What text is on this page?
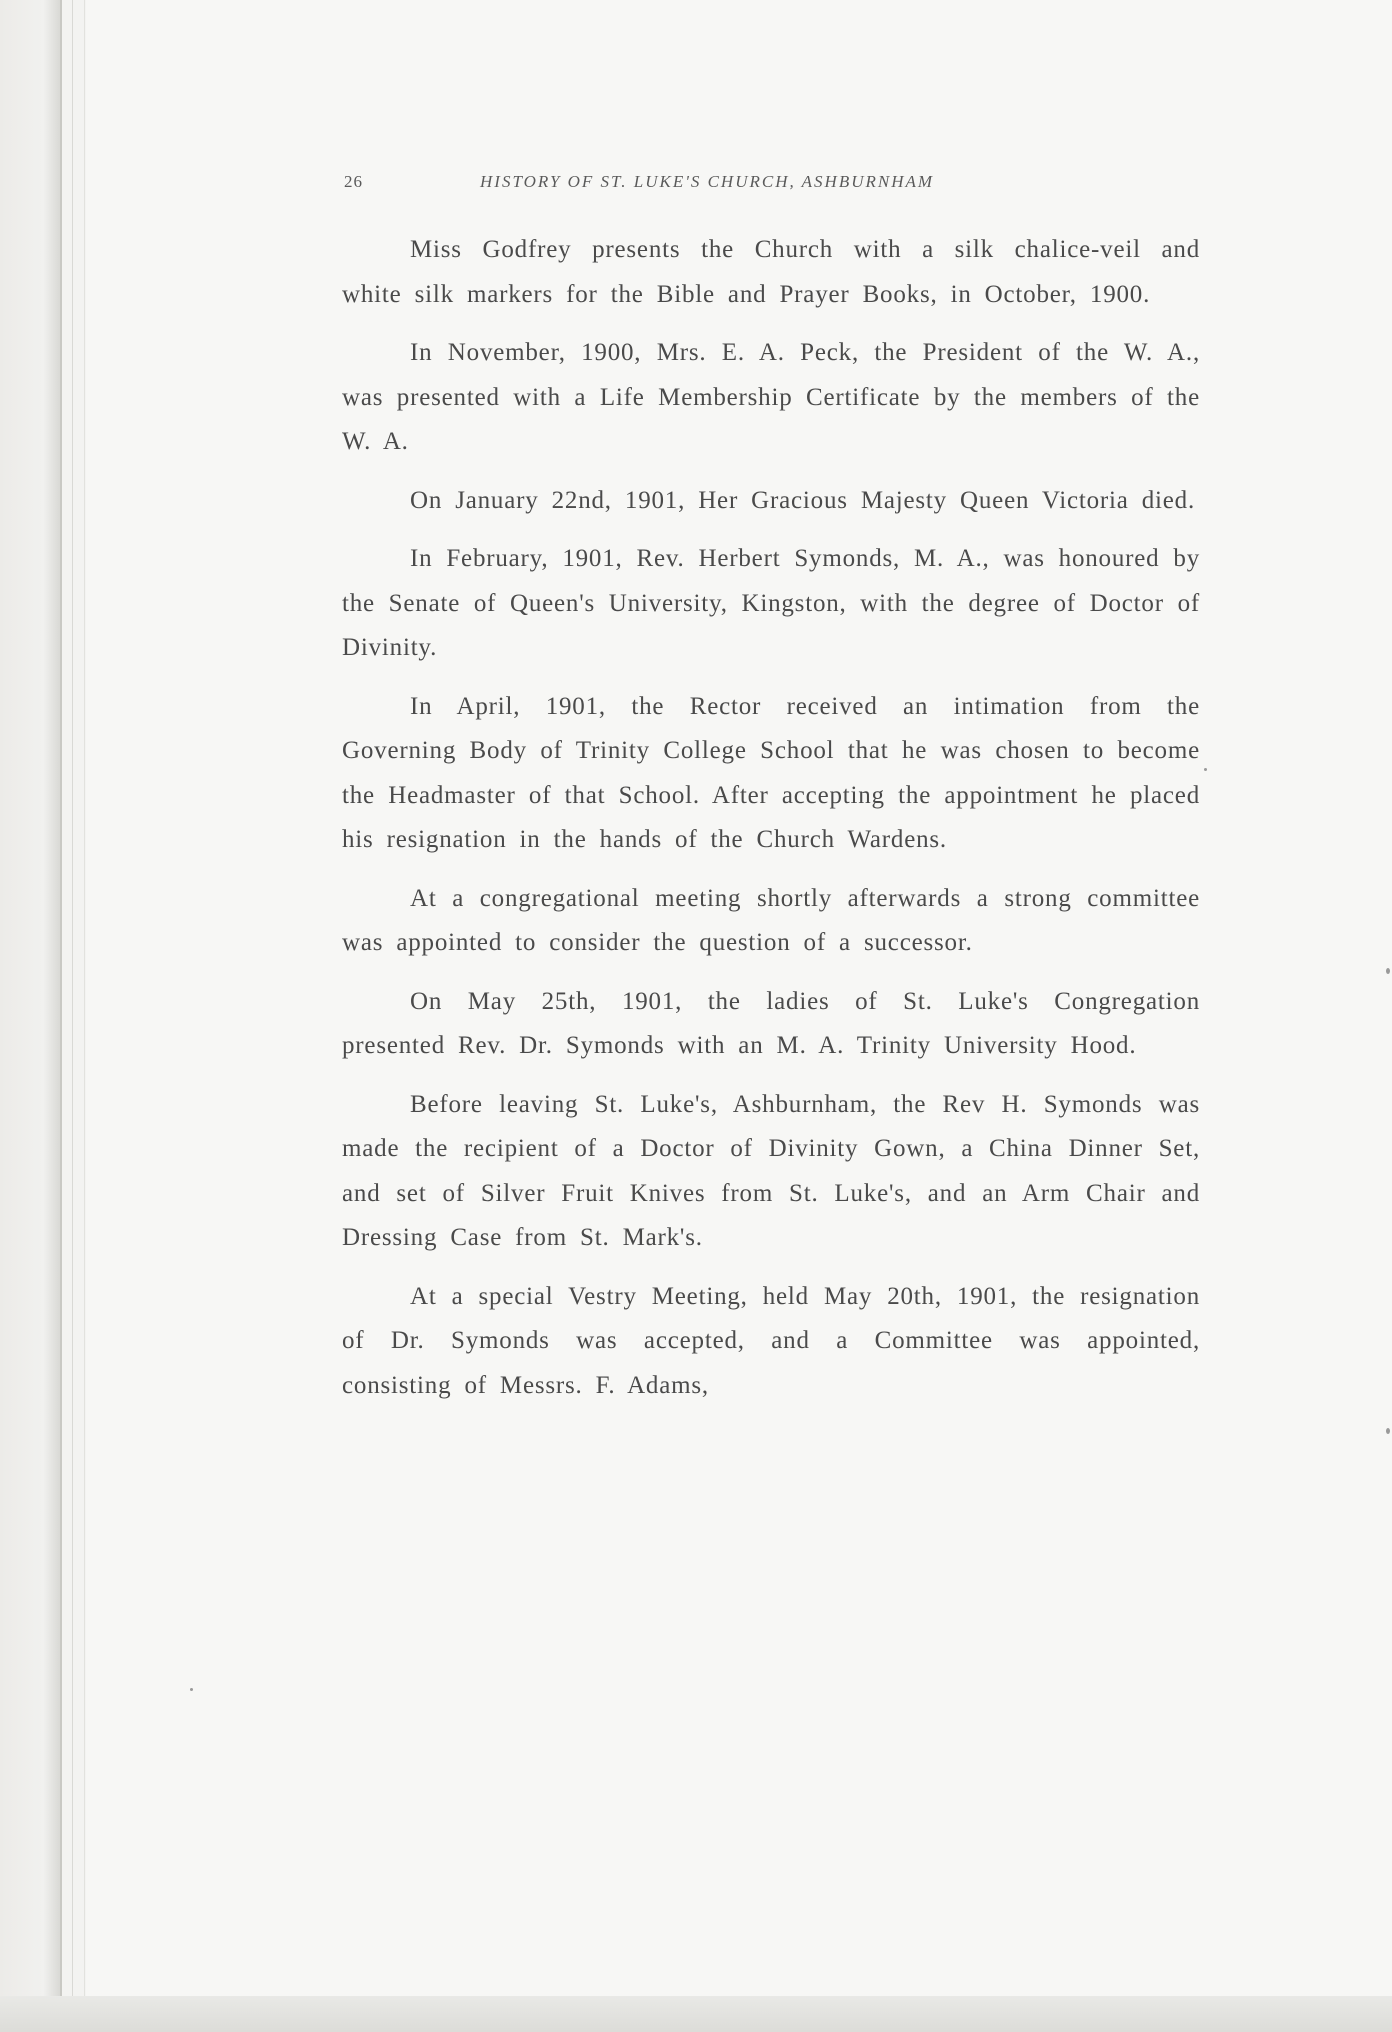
26	HISTORY OF ST. LUKE'S CHURCH, ASHBURNHAM

Miss Godfrey presents the Church with a silk chalice-veil and white silk markers for the Bible and Prayer Books, in October, 1900.

In November, 1900, Mrs. E. A. Peck, the President of the W. A., was presented with a Life Membership Certificate by the members of the W. A.

On January 22nd, 1901, Her Gracious Majesty Queen Victoria died.

In February, 1901, Rev. Herbert Symonds, M. A., was honoured by the Senate of Queen's University, Kingston, with the degree of Doctor of Divinity.

In April, 1901, the Rector received an intimation from the Governing Body of Trinity College School that he was chosen to become the Headmaster of that School. After accepting the appointment he placed his resignation in the hands of the Church Wardens.

At a congregational meeting shortly afterwards a strong committee was appointed to consider the question of a successor.

On May 25th, 1901, the ladies of St. Luke's Congregation presented Rev. Dr. Symonds with an M. A. Trinity University Hood.

Before leaving St. Luke's, Ashburnham, the Rev H. Symonds was made the recipient of a Doctor of Divinity Gown, a China Dinner Set, and set of Silver Fruit Knives from St. Luke's, and an Arm Chair and Dressing Case from St. Mark's.

At a special Vestry Meeting, held May 20th, 1901, the resignation of Dr. Symonds was accepted, and a Committee was appointed, consisting of Messrs. F. Adams,
